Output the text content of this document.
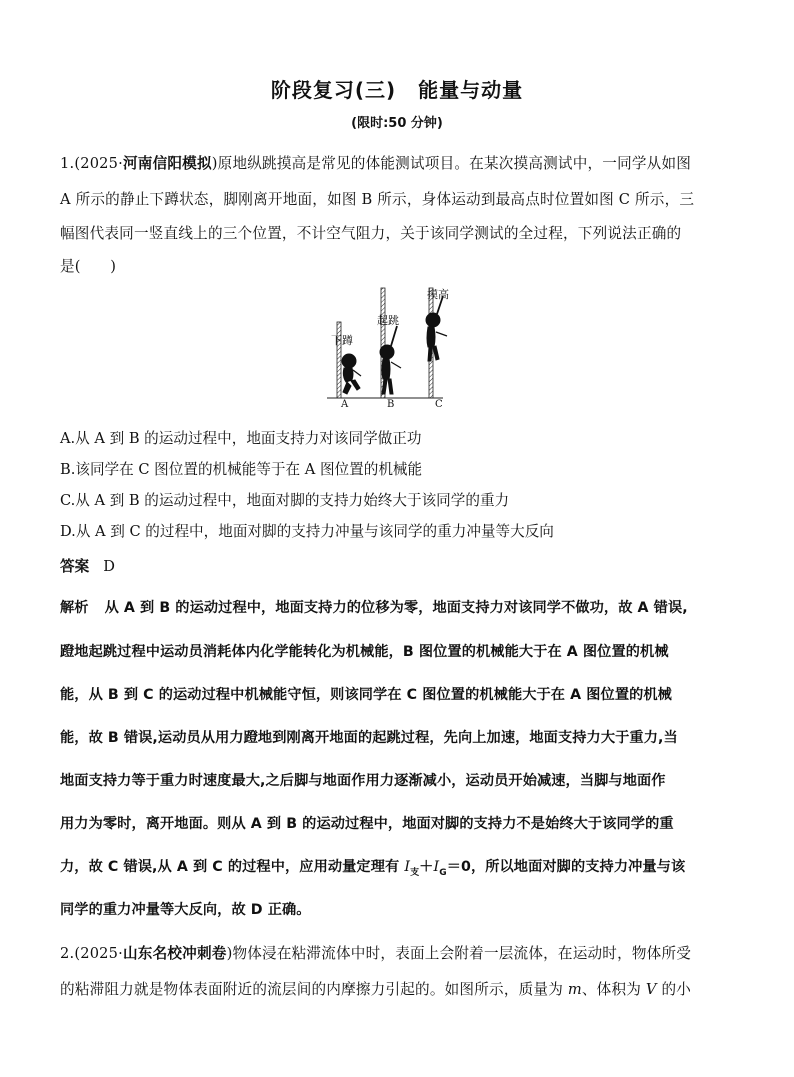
阶段复习(三) 能量与动量
(限时:50 分钟)
1.(2025·河南信阳模拟)原地纵跳摸高是常见的体能测试项目。在某次摸高测试中，一同学从如图
A 所示的静止下蹲状态，脚刚离开地面，如图 B 所示，身体运动到最高点时位置如图 C 所示，三
幅图代表同一竖直线上的三个位置，不计空气阻力，关于该同学测试的全过程，下列说法正确的
是(　　)
下蹲
起跳
摸高
A	B	C
A.从 A 到 B 的运动过程中，地面支持力对该同学做正功
B.该同学在 C 图位置的机械能等于在 A 图位置的机械能
C.从 A 到 B 的运动过程中，地面对脚的支持力始终大于该同学的重力
D.从 A 到 C 的过程中，地面对脚的支持力冲量与该同学的重力冲量等大反向
答案 D
解析 从 A 到 B 的运动过程中，地面支持力的位移为零，地面支持力对该同学不做功，故 A 错误,
蹬地起跳过程中运动员消耗体内化学能转化为机械能，B 图位置的机械能大于在 A 图位置的机械
能，从 B 到 C 的运动过程中机械能守恒，则该同学在 C 图位置的机械能大于在 A 图位置的机械
能，故 B 错误,运动员从用力蹬地到刚离开地面的起跳过程，先向上加速，地面支持力大于重力,当
地面支持力等于重力时速度最大,之后脚与地面作用力逐渐减小，运动员开始减速，当脚与地面作
用力为零时，离开地面。则从 A 到 B 的运动过程中，地面对脚的支持力不是始终大于该同学的重
力，故 C 错误,从 A 到 C 的过程中，应用动量定理有 $I_支+I_G=0$，所以地面对脚的支持力冲量与该
同学的重力冲量等大反向，故 D 正确。
2.(2025·山东名校冲刺卷)物体浸在粘滞流体中时，表面上会附着一层流体，在运动时，物体所受
的粘滞阻力就是物体表面附近的流层间的内摩擦力引起的。如图所示，质量为 m、体积为 V 的小
